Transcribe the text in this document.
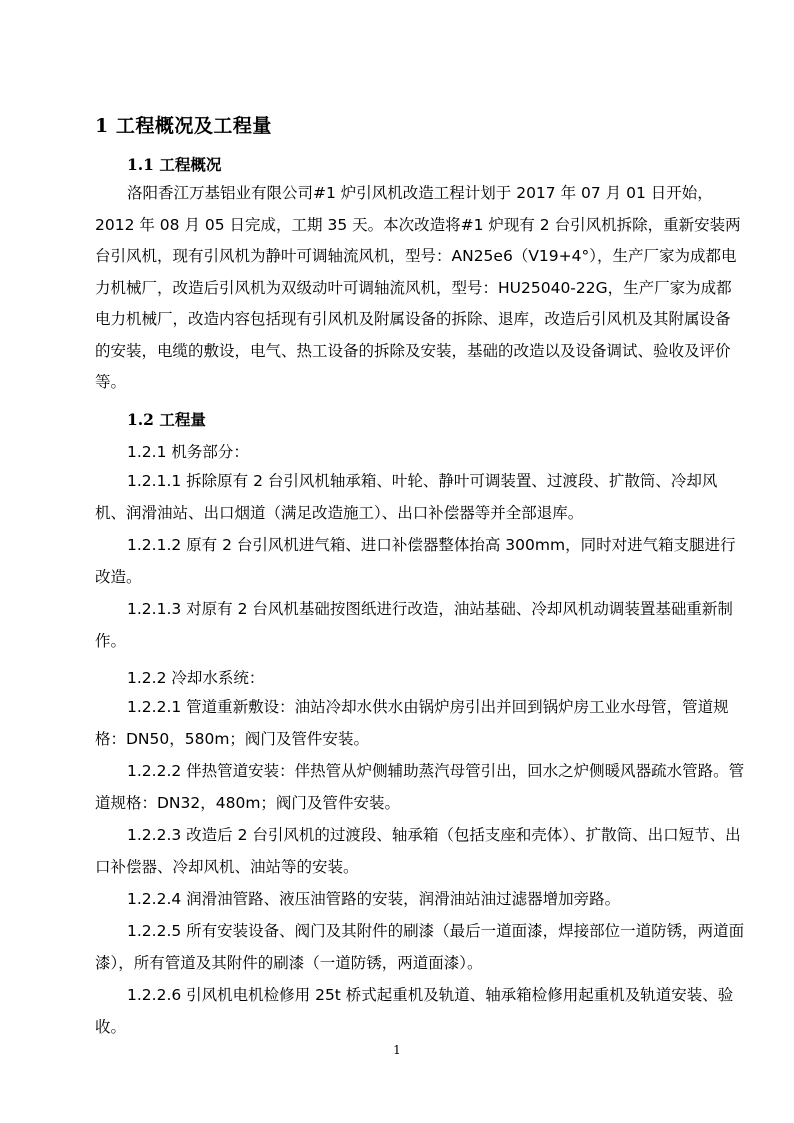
1 工程概况及工程量
1.1 工程概况

洛阳香江万基铝业有限公司#1 炉引风机改造工程计划于 2017 年 07 月 01 日开始，2012 年 08 月 05 日完成，工期 35 天。本次改造将#1 炉现有 2 台引风机拆除，重新安装两台引风机，现有引风机为静叶可调轴流风机，型号：AN25e6（V19+4°），生产厂家为成都电力机械厂，改造后引风机为双级动叶可调轴流风机，型号：HU25040-22G，生产厂家为成都电力机械厂，改造内容包括现有引风机及附属设备的拆除、退库，改造后引风机及其附属设备的安装，电缆的敷设，电气、热工设备的拆除及安装，基础的改造以及设备调试、验收及评价等。

1.2 工程量
1.2.1 机务部分：

1.2.1.1 拆除原有 2 台引风机轴承箱、叶轮、静叶可调装置、过渡段、扩散筒、冷却风机、润滑油站、出口烟道（满足改造施工）、出口补偿器等并全部退库。

1.2.1.2 原有 2 台引风机进气箱、进口补偿器整体抬高 300mm，同时对进气箱支腿进行改造。

1.2.1.3 对原有 2 台风机基础按图纸进行改造，油站基础、冷却风机动调装置基础重新制作。

1.2.2 冷却水系统：

1.2.2.1 管道重新敷设：油站冷却水供水由锅炉房引出并回到锅炉房工业水母管，管道规格：DN50，580m；阀门及管件安装。

1.2.2.2 伴热管道安装：伴热管从炉侧辅助蒸汽母管引出，回水之炉侧暖风器疏水管路。管道规格：DN32，480m；阀门及管件安装。

1.2.2.3 改造后 2 台引风机的过渡段、轴承箱（包括支座和壳体）、扩散筒、出口短节、出口补偿器、冷却风机、油站等的安装。

1.2.2.4 润滑油管路、液压油管路的安装，润滑油站油过滤器增加旁路。

1.2.2.5 所有安装设备、阀门及其附件的刷漆（最后一道面漆，焊接部位一道防锈，两道面漆），所有管道及其附件的刷漆（一道防锈，两道面漆）。

1.2.2.6 引风机电机检修用 25t 桥式起重机及轨道、轴承箱检修用起重机及轨道安装、验收。

1
